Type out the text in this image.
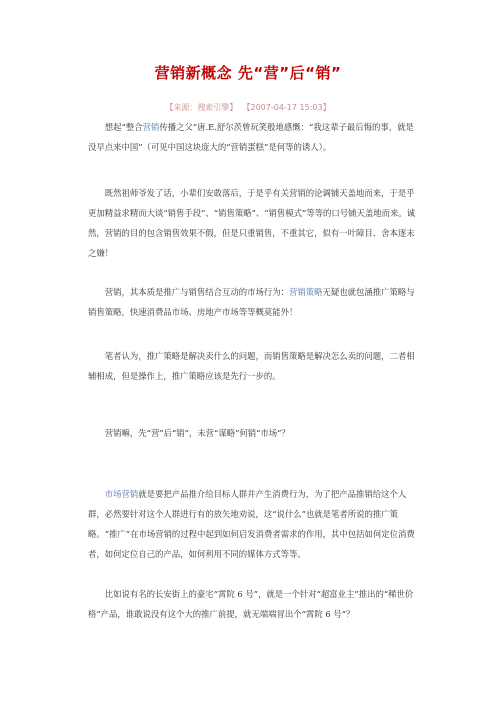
营销新概念 先“营”后“销”
【来源：搜索引擎】 【2007-04-17 15:03】

想起“整合营销传播之父”唐.E.舒尔茨曾玩笑般地感慨：“我这辈子最后悔的事，就是没早点来中国”（可见中国这块庞大的“营销蛋糕”是何等的诱人）。

既然祖师爷发了话，小辈们安敢落后，于是乎有关营销的论调铺天盖地而来，于是乎更加精益求精而大谈“销售手段”、“销售策略”、“销售模式”等等的口号铺天盖地而来。诚然，营销的目的包含销售效果不假，但是只重销售，不重其它，似有一叶障目、舍本逐末之嫌！

营销，其本质是推广与销售结合互动的市场行为：营销策略无疑也就包涵推广策略与销售策略，快速消费品市场、房地产市场等等概莫能外！

笔者认为，推广策略是解决卖什么的问题，而销售策略是解决怎么卖的问题，二者相辅相成，但是操作上，推广策略应该是先行一步的。

营销嘛，先“营”后“销”，未营“谋略”何销“市场”？

市场营销就是要把产品推介给目标人群并产生消费行为，为了把产品推销给这个人群，必然要针对这个人群进行有的放矢地劝说，这“说什么”也就是笔者所说的推广策略。“推广”在市场营销的过程中起到如何启发消费者需求的作用，其中包括如何定位消费者，如何定位自己的产品，如何利用不同的媒体方式等等。

比如说有名的长安街上的豪宅“霄院 6 号”，就是一个针对“超富业主”推出的“稀世价格”产品，谁敢说没有这个大的推广前提，就无端端冒出个“霄院 6 号”？
